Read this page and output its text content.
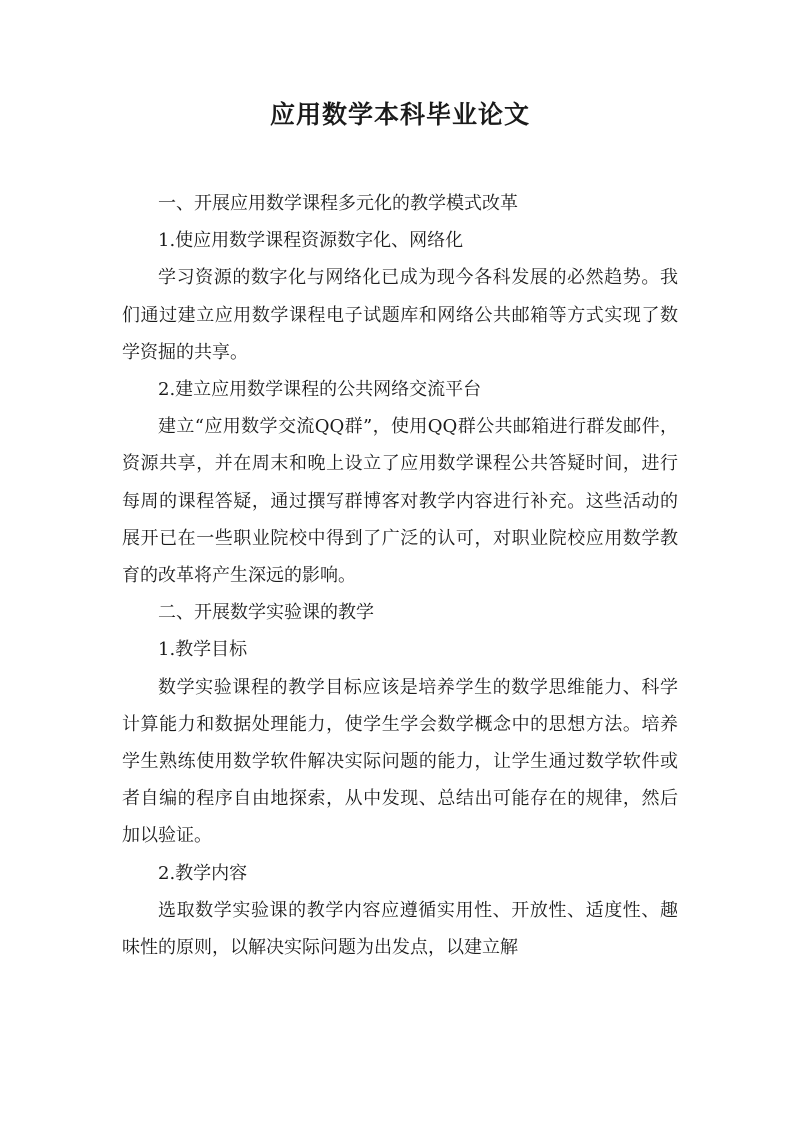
应用数学本科毕业论文

一、开展应用数学课程多元化的教学模式改革

1.使应用数学课程资源数字化、网络化

学习资源的数字化与网络化已成为现今各科发展的必然趋势。我们通过建立应用数学课程电子试题库和网络公共邮箱等方式实现了数学资掘的共享。

2.建立应用数学课程的公共网络交流平台

建立“应用数学交流QQ群”，使用QQ群公共邮箱进行群发邮件，资源共享，并在周末和晚上设立了应用数学课程公共答疑时间，进行每周的课程答疑，通过撰写群博客对教学内容进行补充。这些活动的展开已在一些职业院校中得到了广泛的认可，对职业院校应用数学教育的改革将产生深远的影响。

二、开展数学实验课的教学

1.教学目标

数学实验课程的教学目标应该是培养学生的数学思维能力、科学计算能力和数据处理能力，使学生学会数学概念中的思想方法。培养学生熟练使用数学软件解决实际问题的能力，让学生通过数学软件或者自编的程序自由地探索，从中发现、总结出可能存在的规律，然后加以验证。

2.教学内容

选取数学实验课的教学内容应遵循实用性、开放性、适度性、趣味性的原则，以解决实际问题为出发点，以建立解
